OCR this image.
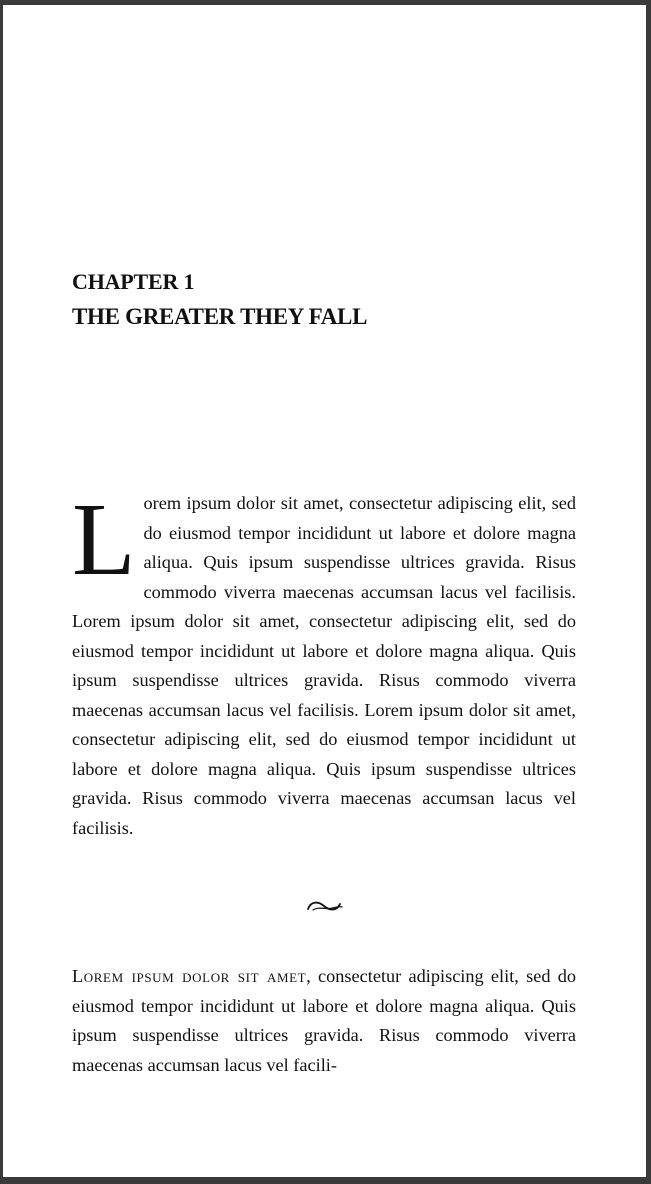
CHAPTER 1
THE GREATER THEY FALL
L orem ipsum dolor sit amet, consectetur adipiscing elit, sed do eiusmod tempor incididunt ut labore et dolore magna aliqua. Quis ipsum suspendisse ultrices gravida. Risus commodo viverra maecenas accumsan lacus vel facilisis. Lorem ipsum dolor sit amet, consectetur adipiscing elit, sed do eiusmod tempor incididunt ut labore et dolore magna aliqua. Quis ipsum suspendisse ultrices gravida. Risus commodo viverra maecenas accumsan lacus vel facilisis. Lorem ipsum dolor sit amet, consectetur adipiscing elit, sed do eiusmod tempor incididunt ut labore et dolore magna aliqua. Quis ipsum suspendisse ultrices gravida. Risus commodo viverra maecenas accumsan lacus vel facilisis.

Lorem ipsum dolor sit amet, consectetur adipiscing elit, sed do eiusmod tempor incididunt ut labore et dolore magna aliqua. Quis ipsum suspendisse ultrices gravida. Risus commodo viverra maecenas accumsan lacus vel facili-
